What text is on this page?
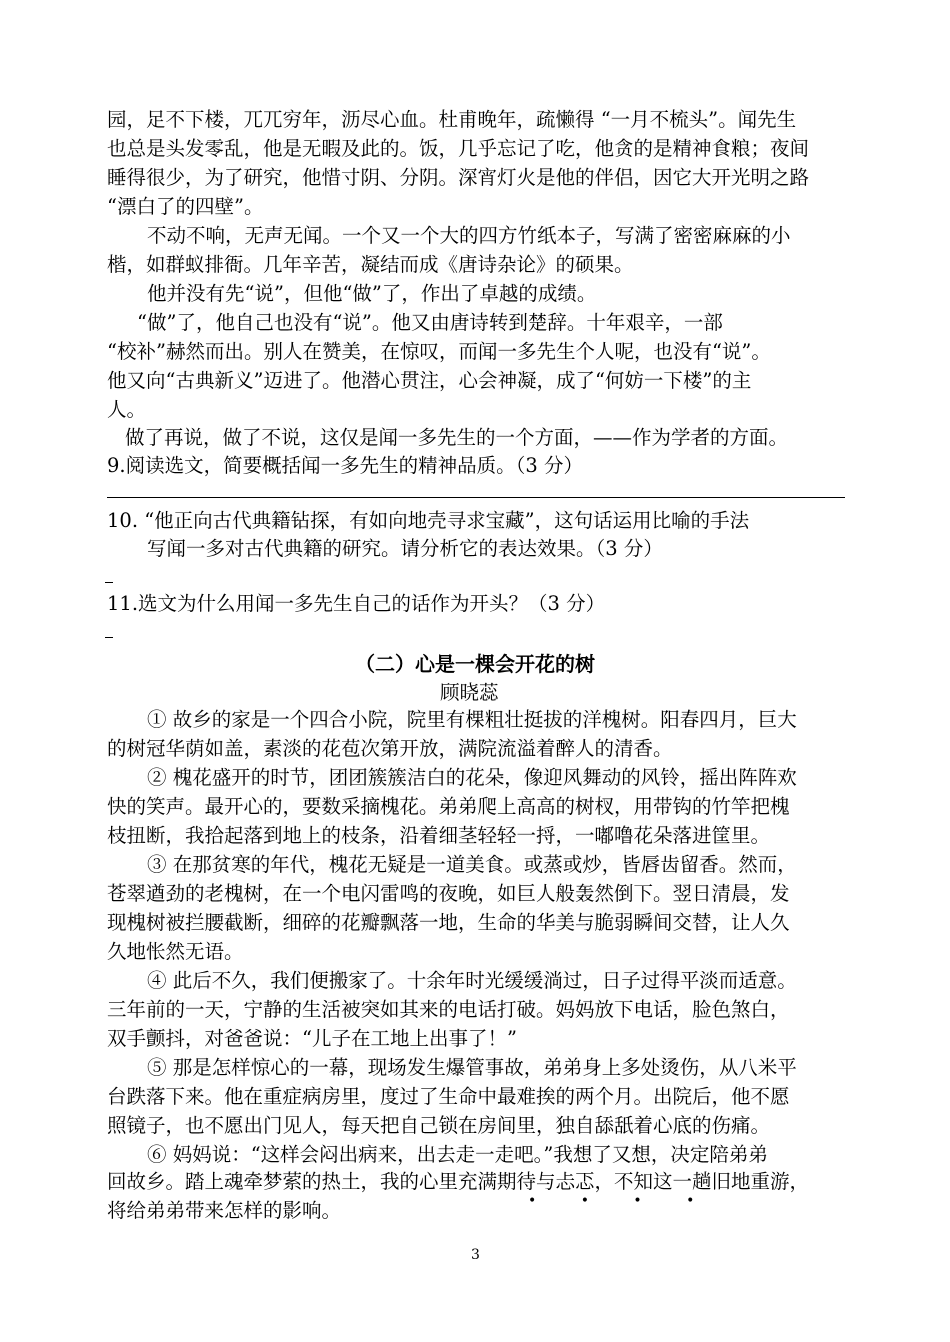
园，足不下楼，兀兀穷年，沥尽心血。杜甫晚年，疏懒得 “一月不梳头”。闻先生
也总是头发零乱，他是无暇及此的。饭，几乎忘记了吃，他贪的是精神食粮；夜间
睡得很少，为了研究，他惜寸阴、分阴。深宵灯火是他的伴侣，因它大开光明之路
“漂白了的四壁”。
不动不响，无声无闻。一个又一个大的四方竹纸本子，写满了密密麻麻的小
楷，如群蚁排衙。几年辛苦，凝结而成《唐诗杂论》的硕果。
他并没有先“说”，但他“做”了，作出了卓越的成绩。
“做”了，他自己也没有“说”。他又由唐诗转到楚辞。十年艰辛，一部
“校补”赫然而出。别人在赞美，在惊叹，而闻一多先生个人呢，也没有“说”。
他又向“古典新义”迈进了。他潜心贯注，心会神凝，成了“何妨一下楼”的主
人。
做了再说，做了不说，这仅是闻一多先生的一个方面，——作为学者的方面。
9.阅读选文，简要概括闻一多先生的精神品质。（3 分）
10. “他正向古代典籍钻探，有如向地壳寻求宝藏”，这句话运用比喻的手法
写闻一多对古代典籍的研究。请分析它的表达效果。（3 分）
11.选文为什么用闻一多先生自己的话作为开头？（3 分）
（二）心是一棵会开花的树
顾晓蕊
① 故乡的家是一个四合小院，院里有棵粗壮挺拔的洋槐树。阳春四月，巨大
的树冠华荫如盖，素淡的花苞次第开放，满院流溢着醉人的清香。
② 槐花盛开的时节，团团簇簇洁白的花朵，像迎风舞动的风铃，摇出阵阵欢
快的笑声。最开心的，要数采摘槐花。弟弟爬上高高的树杈，用带钩的竹竿把槐
枝扭断，我拾起落到地上的枝条，沿着细茎轻轻一捋，一嘟噜花朵落进筐里。
③ 在那贫寒的年代，槐花无疑是一道美食。或蒸或炒，皆唇齿留香。然而，
苍翠遒劲的老槐树，在一个电闪雷鸣的夜晚，如巨人般轰然倒下。翌日清晨，发
现槐树被拦腰截断，细碎的花瓣飘落一地，生命的华美与脆弱瞬间交替，让人久
久地怅然无语。
④ 此后不久，我们便搬家了。十余年时光缓缓淌过，日子过得平淡而适意。
三年前的一天，宁静的生活被突如其来的电话打破。妈妈放下电话，脸色煞白，
双手颤抖，对爸爸说：“儿子在工地上出事了！”
⑤ 那是怎样惊心的一幕，现场发生爆管事故，弟弟身上多处烫伤，从八米平
台跌落下来。他在重症病房里，度过了生命中最难挨的两个月。出院后，他不愿
照镜子，也不愿出门见人，每天把自己锁在房间里，独自舔舐着心底的伤痛。
⑥ 妈妈说：“这样会闷出病来，出去走一走吧。”我想了又想，决定陪弟弟
回故乡。踏上魂牵梦萦的热土，我的心里充满期待与忐忑，不知这一趟旧地重游，
• • • •
将给弟弟带来怎样的影响。
3
